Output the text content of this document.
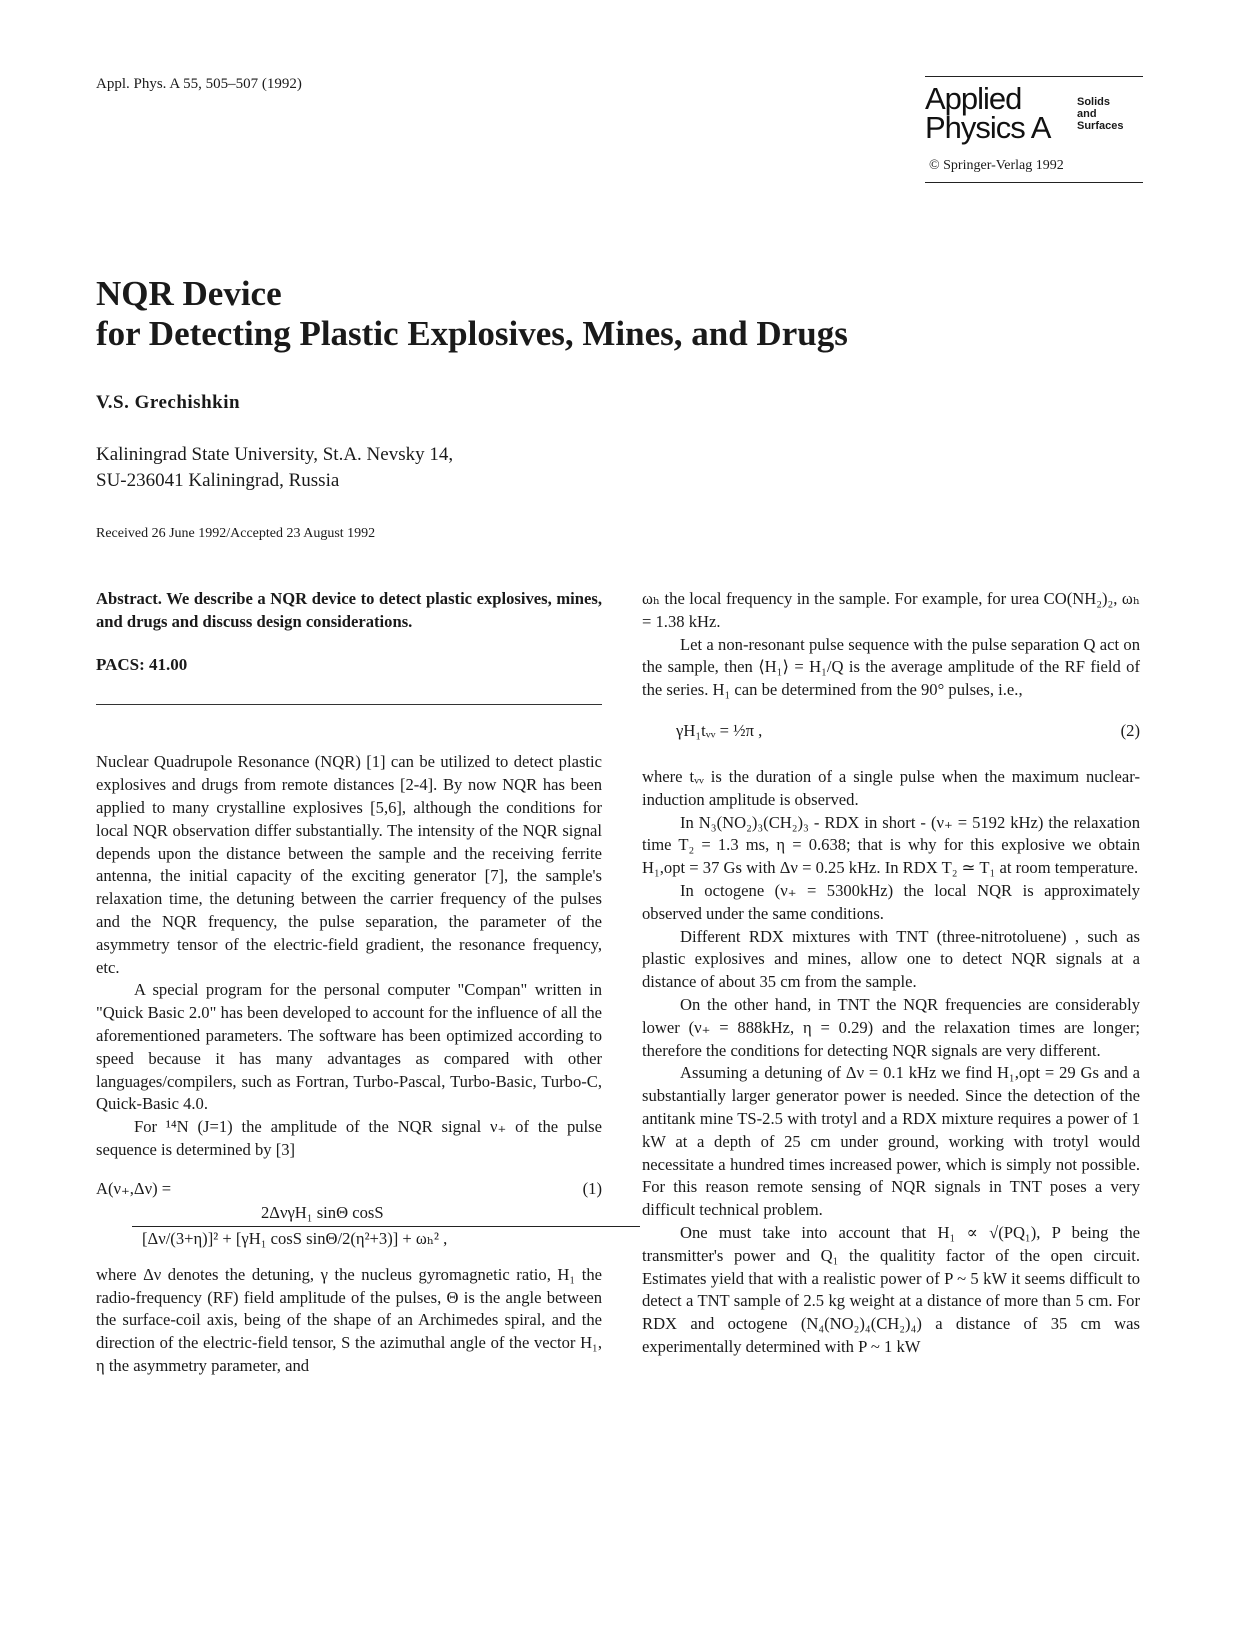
Appl. Phys. A 55, 505–507 (1992)	Applied
Physics A
Solids
and
Surfaces
© Springer-Verlag 1992
NQR Device
for Detecting Plastic Explosives, Mines, and Drugs
V.S. Grechishkin
Kaliningrad State University, St.A. Nevsky 14,
SU-236041 Kaliningrad, Russia
Received 26 June 1992/Accepted 23 August 1992

Abstract. We describe a NQR device to detect plastic explosives, mines, and drugs and discuss design considerations.

PACS: 41.00

Nuclear Quadrupole Resonance (NQR) [1] can be utilized to detect plastic explosives and drugs from remote distances [2-4]. By now NQR has been applied to many crystalline explosives [5,6], although the conditions for local NQR observation differ substantially. The intensity of the NQR signal depends upon the distance between the sample and the receiving ferrite antenna, the initial capacity of the exciting generator [7], the sample's relaxation time, the detuning between the carrier frequency of the pulses and the NQR frequency, the pulse separation, the parameter of the asymmetry tensor of the electric-field gradient, the resonance frequency, etc.

A special program for the personal computer "Compan" written in "Quick Basic 2.0" has been developed to account for the influence of all the aforementioned parameters. The software has been optimized according to speed because it has many advantages as compared with other languages/compilers, such as Fortran, Turbo-Pascal, Turbo-Basic, Turbo-C, Quick-Basic 4.0.

For ¹⁴N (J=1) the amplitude of the NQR signal ν₊ of the pulse sequence is determined by [3]

A(ν₊,Δν) =	(1)
2ΔνγH₁ sinΘ cosS
[Δν/(3+η)]² + [γH₁ cosS sinΘ/2(η²+3)] + ωₕ² ,

where Δν denotes the detuning, γ the nucleus gyromagnetic ratio, H₁ the radio-frequency (RF) field amplitude of the pulses, Θ is the angle between the surface-coil axis, being of the shape of an Archimedes spiral, and the direction of the electric-field tensor, S the azimuthal angle of the vector H₁, η the asymmetry parameter, and

ωₕ the local frequency in the sample. For example, for urea CO(NH₂)₂, ωₕ = 1.38 kHz.

Let a non-resonant pulse sequence with the pulse separation Q act on the sample, then ⟨H₁⟩ = H₁/Q is the average amplitude of the RF field of the series. H₁ can be determined from the 90° pulses, i.e.,

γH₁tᵥᵥ = ½π ,	(2)

where tᵥᵥ is the duration of a single pulse when the maximum nuclear-induction amplitude is observed.

In N₃(NO₂)₃(CH₂)₃ - RDX in short - (ν₊ = 5192 kHz) the relaxation time T₂ = 1.3 ms, η = 0.638; that is why for this explosive we obtain H₁,opt = 37 Gs with Δν = 0.25 kHz. In RDX T₂ ≃ T₁ at room temperature.

In octogene (ν₊ = 5300kHz) the local NQR is approximately observed under the same conditions.

Different RDX mixtures with TNT (three-nitrotoluene) , such as plastic explosives and mines, allow one to detect NQR signals at a distance of about 35 cm from the sample.

On the other hand, in TNT the NQR frequencies are considerably lower (ν₊ = 888kHz, η = 0.29) and the relaxation times are longer; therefore the conditions for detecting NQR signals are very different.

Assuming a detuning of Δν = 0.1 kHz we find H₁,opt = 29 Gs and a substantially larger generator power is needed. Since the detection of the antitank mine TS-2.5 with trotyl and a RDX mixture requires a power of 1 kW at a depth of 25 cm under ground, working with trotyl would necessitate a hundred times increased power, which is simply not possible. For this reason remote sensing of NQR signals in TNT poses a very difficult technical problem.

One must take into account that H₁ ∝ √(PQ₁), P being the transmitter's power and Q₁ the qualitity factor of the open circuit. Estimates yield that with a realistic power of P ~ 5 kW it seems difficult to detect a TNT sample of 2.5 kg weight at a distance of more than 5 cm. For RDX and octogene (N₄(NO₂)₄(CH₂)₄) a distance of 35 cm was experimentally determined with P ~ 1 kW
